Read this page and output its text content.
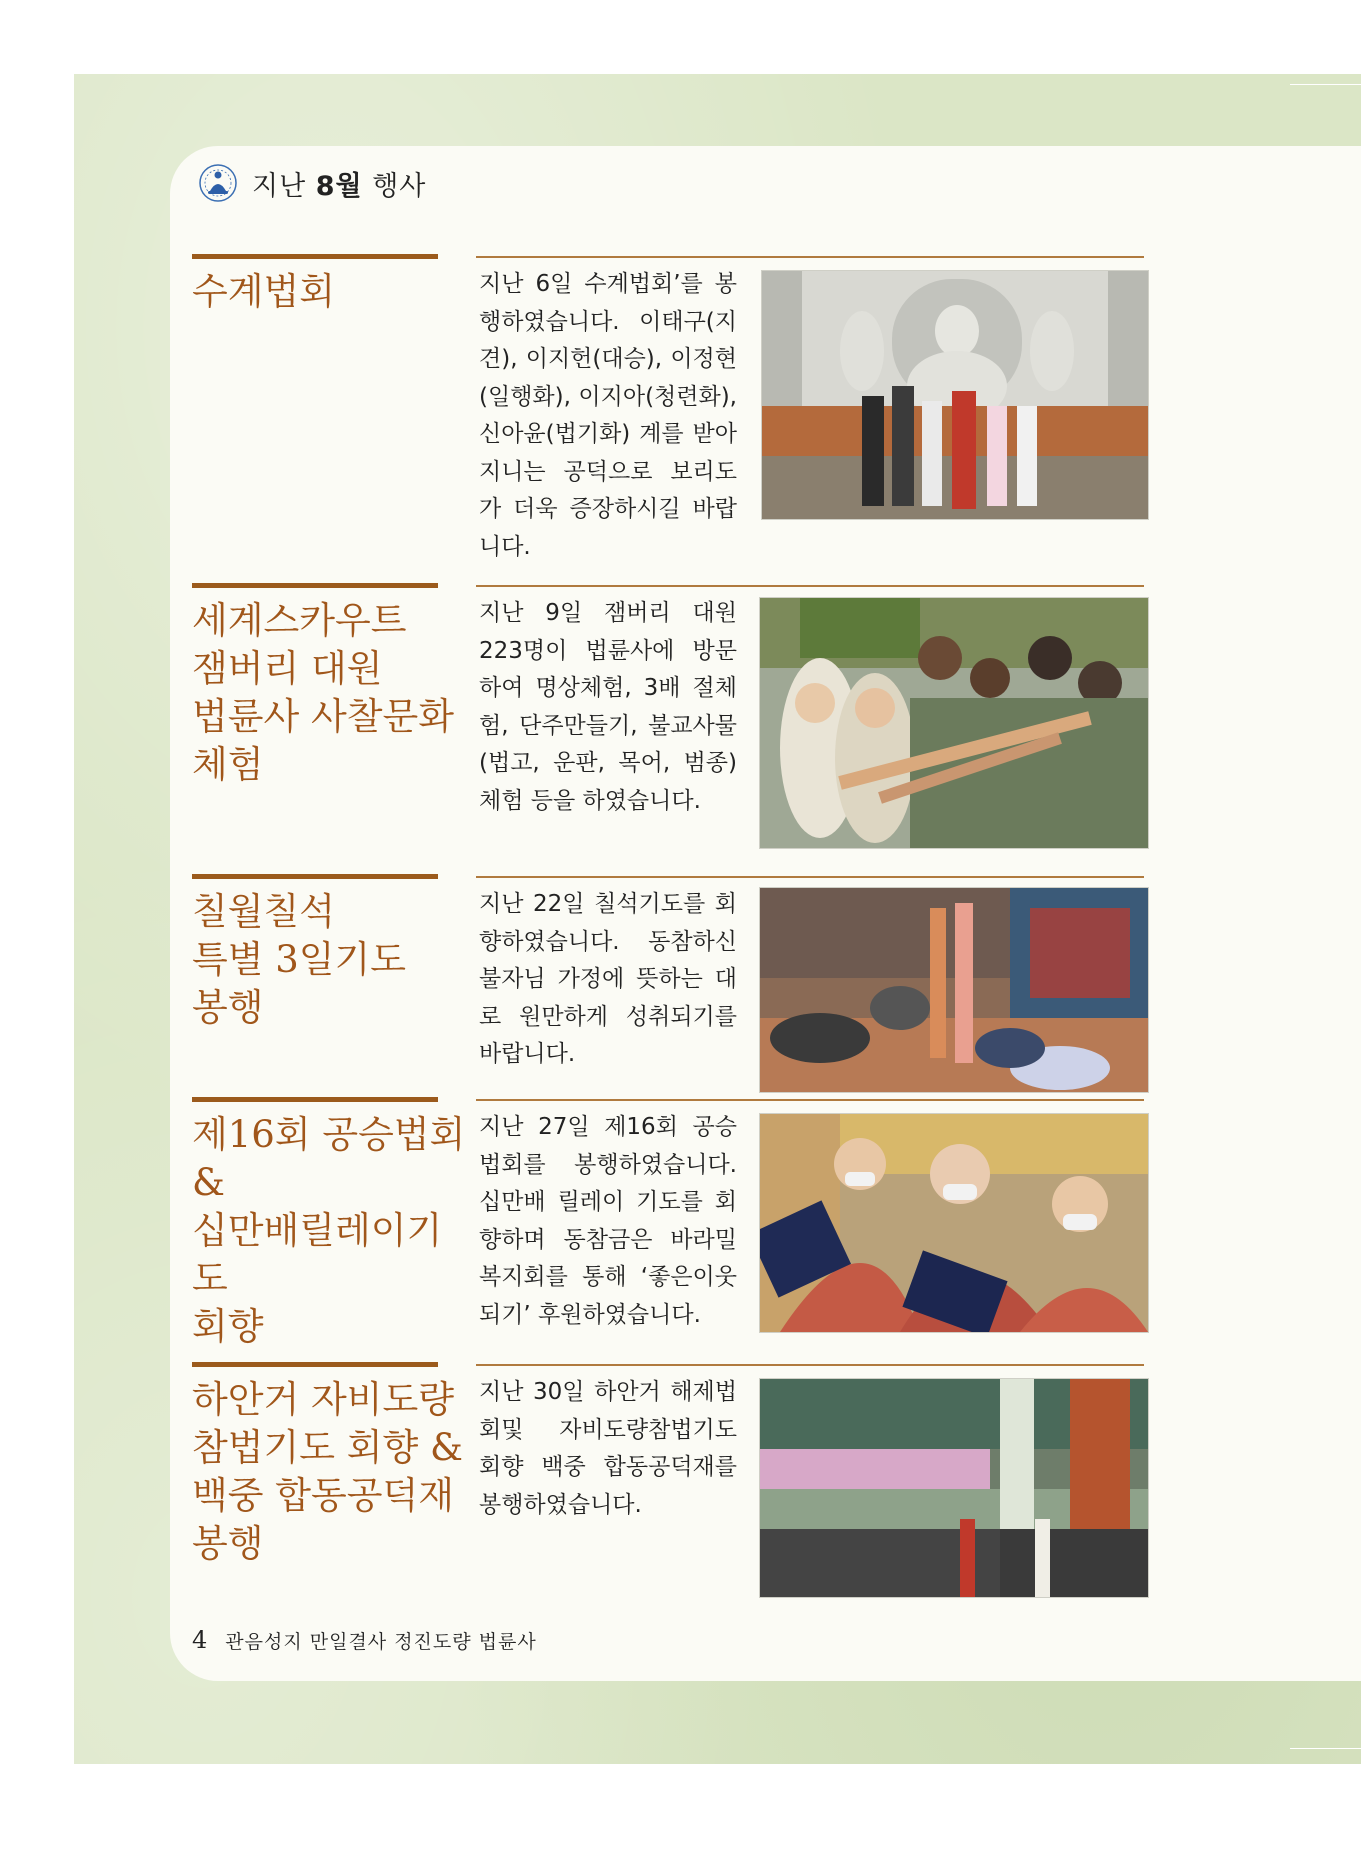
지난 8월 행사
수계법회	지난 6일 수계법회’를 봉행하였습니다. 이태구(지견), 이지헌(대승), 이정현(일행화), 이지아(청련화), 신아윤(법기화) 계를 받아지니는 공덕으로 보리도가 더욱 증장하시길 바랍니다.
세계스카우트
잼버리 대원
법륜사 사찰문화
체험
지난 9일 잼버리 대원 223명이 법륜사에 방문하여 명상체험, 3배 절체험, 단주만들기, 불교사물(법고, 운판, 목어, 범종) 체험 등을 하였습니다.
칠월칠석
특별 3일기도
봉행
지난 22일 칠석기도를 회향하였습니다. 동참하신 불자님 가정에 뜻하는 대로 원만하게 성취되기를 바랍니다.
제16회 공승법회&
십만배릴레이기도
회향
지난 27일 제16회 공승법회를 봉행하였습니다. 십만배 릴레이 기도를 회향하며 동참금은 바라밀복지회를 통해 ‘좋은이웃되기’ 후원하였습니다.
하안거 자비도량
참법기도 회향 &
백중 합동공덕재
봉행
지난 30일 하안거 해제법회및 자비도량참법기도 회향 백중 합동공덕재를 봉행하였습니다.
4 관음성지 만일결사 정진도량 법륜사
